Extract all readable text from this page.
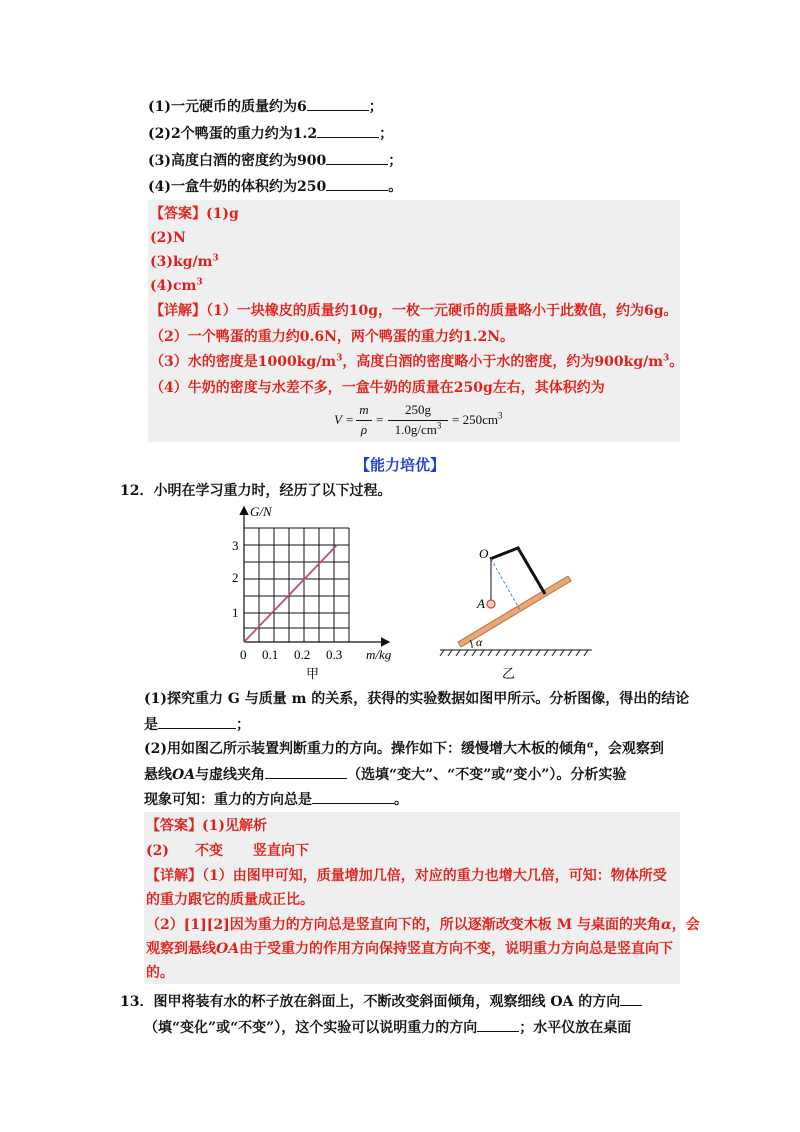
(1)一元硬币的质量约为6	；
(2)2个鸭蛋的重力约为1.2	；
(3)高度白酒的密度约为900	；
(4)一盒牛奶的体积约为250	。
【答案】(1)g
(2)N
$(3)kg/m^3$
$(4)cm^3$
【详解】（1）一块橡皮的质量约10g，一枚一元硬币的质量略小于此数值，约为6g。
（2）一个鸭蛋的重力约0.6N，两个鸭蛋的重力约1.2N。
（3）水的密度是$1000kg/m^3$，高度白酒的密度略小于水的密度，约为$900kg/m^3$。
（4）牛奶的密度与水差不多，一盒牛奶的质量在250g左右，其体积约为
V =
m
ρ
=
250g
$1.0g/cm^3 = 250cm^3$
【能力培优】
12．小明在学习重力时，经历了以下过程。
G/N
3
2
1
0 0.1 0.2 0.3 m/kg
甲
O
A
α
乙
(1)探究重力 G 与质量 m 的关系，获得的实验数据如图甲所示。分析图像，得出的结论
是	；
(2)用如图乙所示装置判断重力的方向。操作如下：缓慢增大木板的倾角$^\alpha$，会观察到
悬线OA与虚线夹角	（选填“变大”、“不变”或“变小”）。分析实验
现象可知：重力的方向总是	。
【答案】(1)见解析
(2) 不变 竖直向下
【详解】（1）由图甲可知，质量增加几倍，对应的重力也增大几倍，可知：物体所受
的重力跟它的质量成正比。
（2）[1][2]因为重力的方向总是竖直向下的，所以逐渐改变木板 M 与桌面的夹角α，会
观察到悬线OA由于受重力的作用方向保持竖直方向不变，说明重力方向总是竖直向下
的。
13．图甲将装有水的杯子放在斜面上，不断改变斜面倾角，观察细线 OA 的方向
（填“变化”或“不变”），这个实验可以说明重力的方向	；水平仪放在桌面
